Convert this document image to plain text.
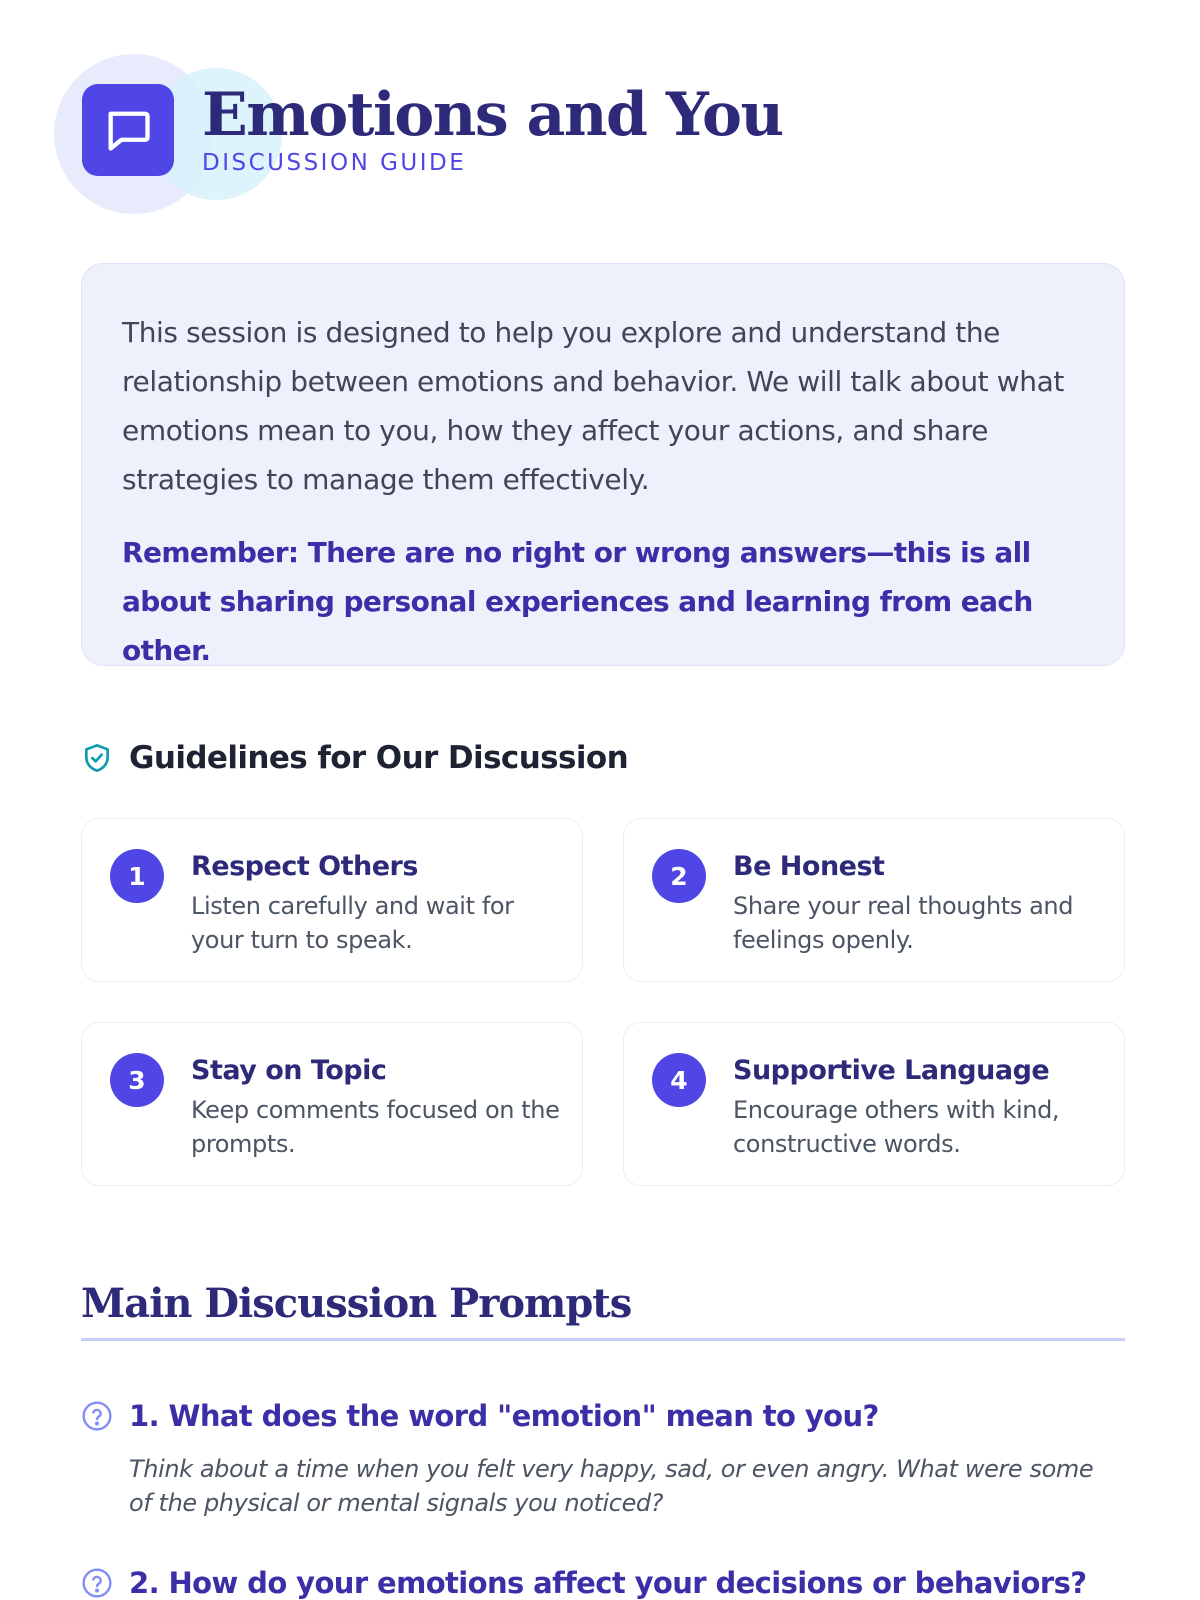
Emotions and You
DISCUSSION GUIDE

This session is designed to help you explore and understand the relationship between emotions and behavior. We will talk about what emotions mean to you, how they affect your actions, and share strategies to manage them effectively.

Remember: There are no right or wrong answers—this is all about sharing personal experiences and learning from each other.

Guidelines for Our Discussion
1	Respect Others
Listen carefully and wait for your turn to speak.
2	Be Honest
Share your real thoughts and feelings openly.
3	Stay on Topic
Keep comments focused on the prompts.
4	Supportive Language
Encourage others with kind, constructive words.
Main Discussion Prompts
1. What does the word "emotion" mean to you?
Think about a time when you felt very happy, sad, or even angry. What were some of the physical or mental signals you noticed?
2. How do your emotions affect your decisions or behaviors?
